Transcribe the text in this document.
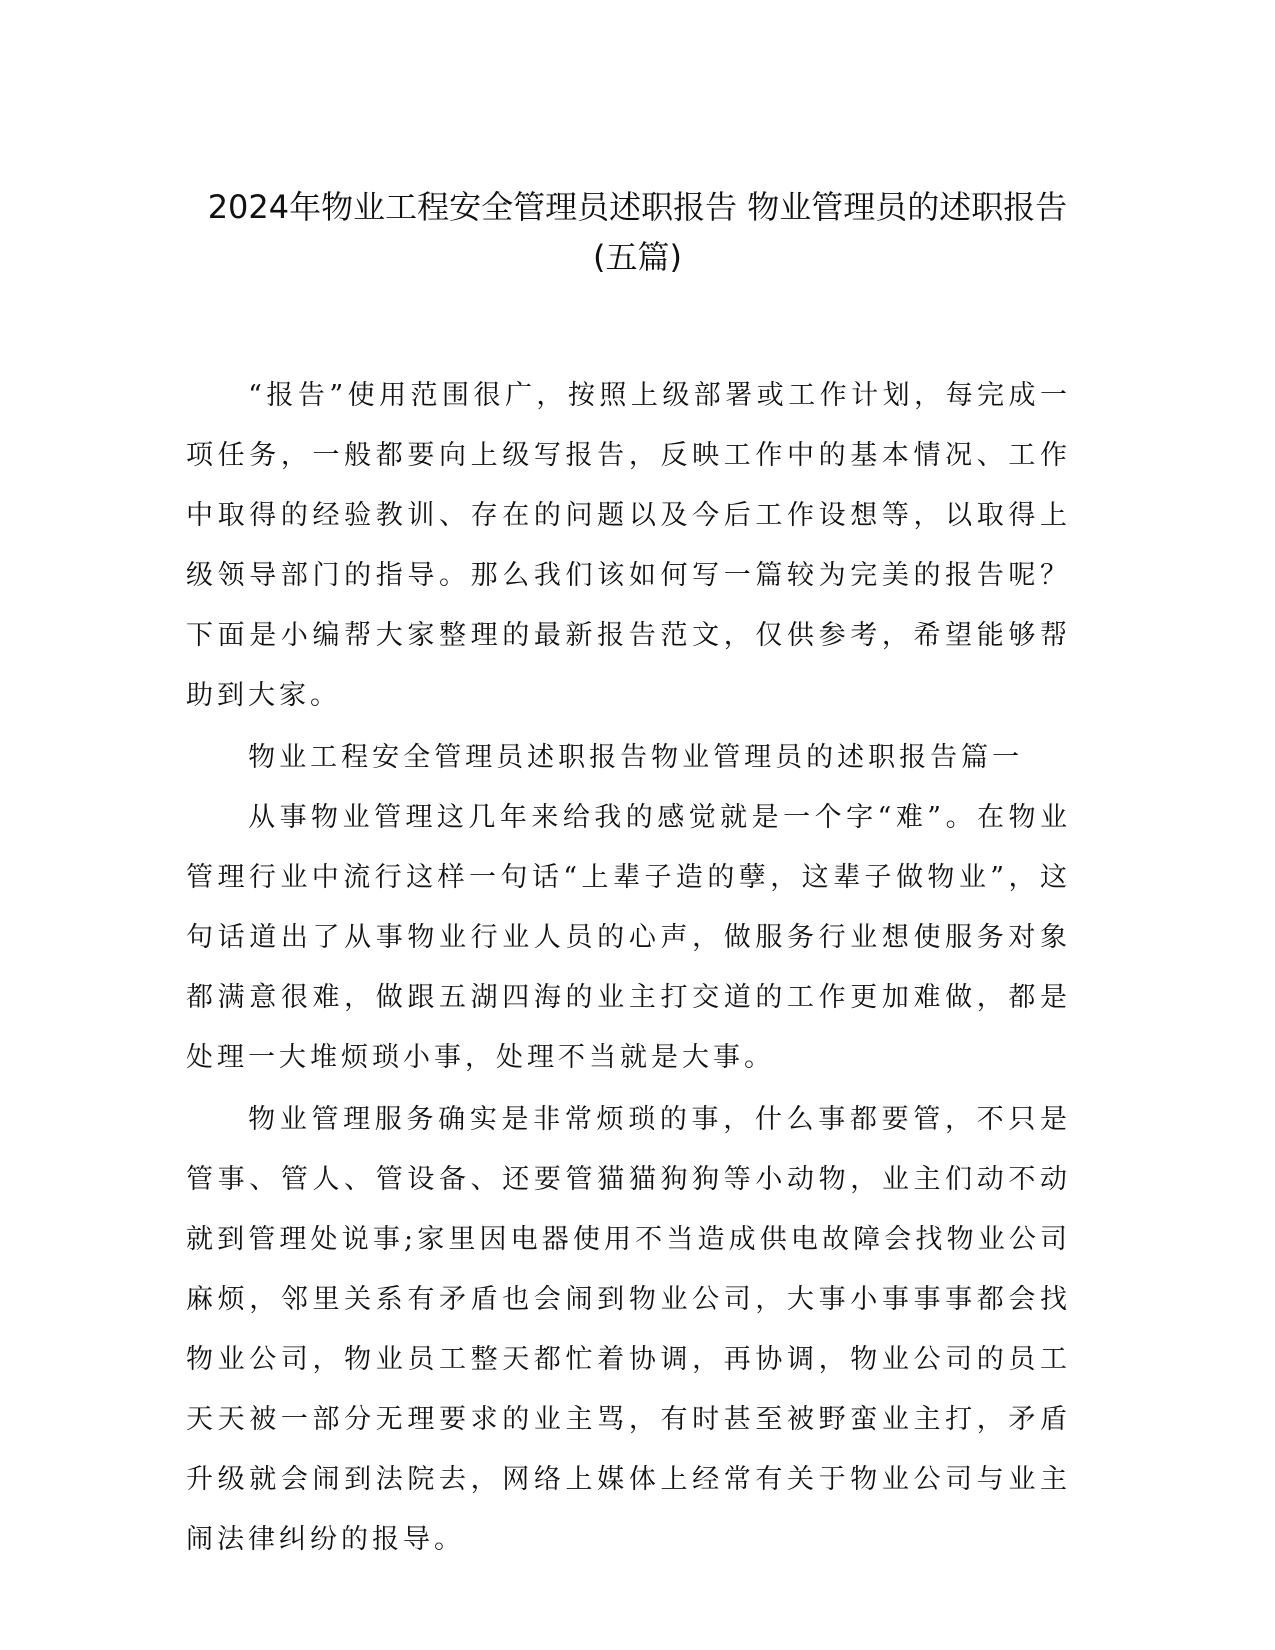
2024年物业工程安全管理员述职报告 物业管理员的述职报告
(五篇)

“报告”使用范围很广，按照上级部署或工作计划，每完成一项任务，一般都要向上级写报告，反映工作中的基本情况、工作中取得的经验教训、存在的问题以及今后工作设想等，以取得上级领导部门的指导。那么我们该如何写一篇较为完美的报告呢？下面是小编帮大家整理的最新报告范文，仅供参考，希望能够帮助到大家。

物业工程安全管理员述职报告物业管理员的述职报告篇一

从事物业管理这几年来给我的感觉就是一个字“难”。在物业管理行业中流行这样一句话“上辈子造的孽，这辈子做物业”，这句话道出了从事物业行业人员的心声，做服务行业想使服务对象都满意很难，做跟五湖四海的业主打交道的工作更加难做，都是处理一大堆烦琐小事，处理不当就是大事。

物业管理服务确实是非常烦琐的事，什么事都要管，不只是管事、管人、管设备、还要管猫猫狗狗等小动物，业主们动不动就到管理处说事;家里因电器使用不当造成供电故障会找物业公司麻烦，邻里关系有矛盾也会闹到物业公司，大事小事事事都会找物业公司，物业员工整天都忙着协调，再协调，物业公司的员工天天被一部分无理要求的业主骂，有时甚至被野蛮业主打，矛盾升级就会闹到法院去，网络上媒体上经常有关于物业公司与业主闹法律纠纷的报导。
